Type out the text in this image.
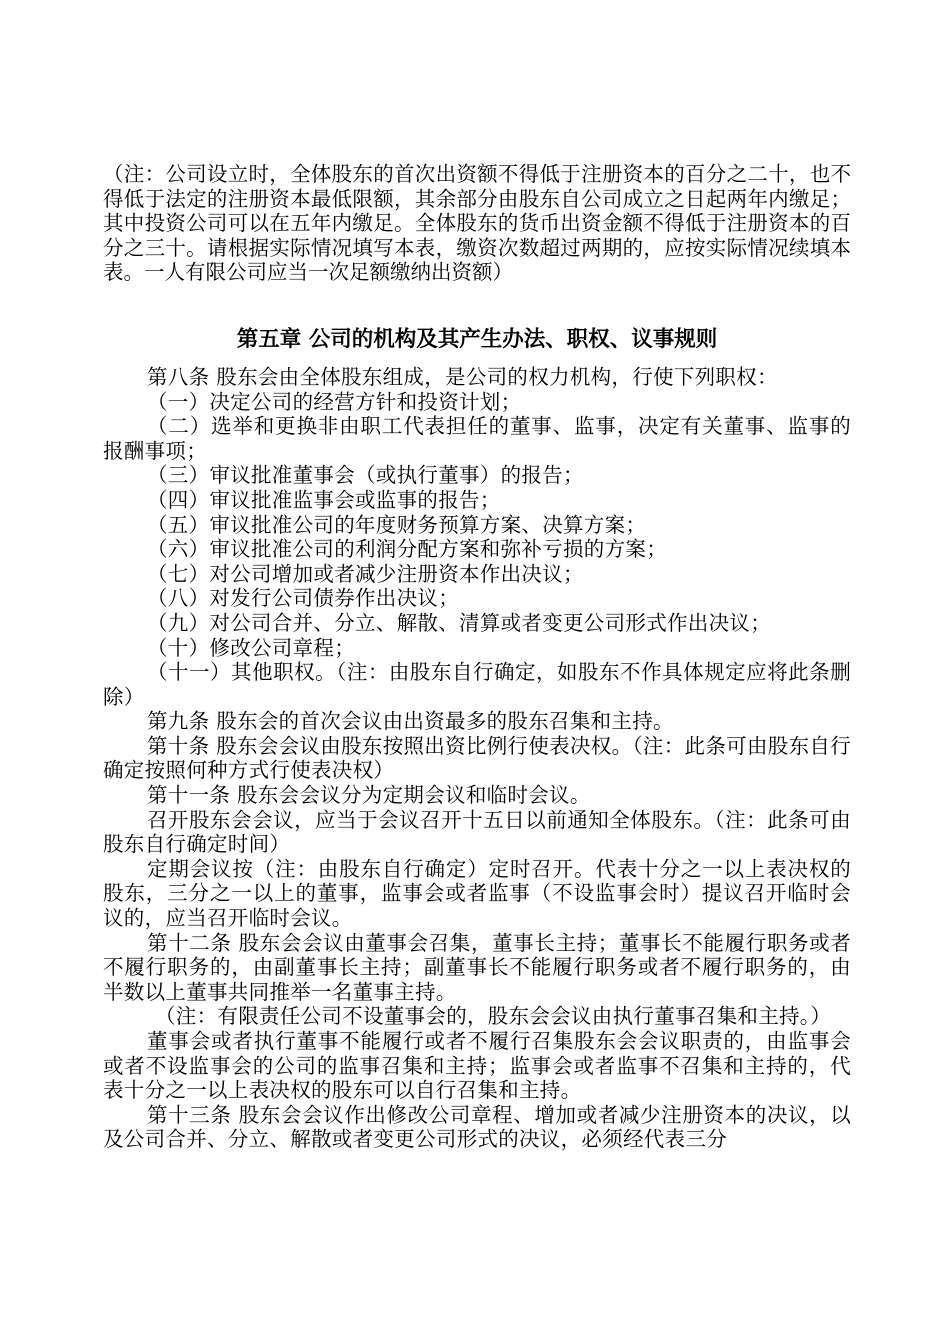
（注：公司设立时，全体股东的首次出资额不得低于注册资本的百分之二十，也不得低于法定的注册资本最低限额，其余部分由股东自公司成立之日起两年内缴足；其中投资公司可以在五年内缴足。全体股东的货币出资金额不得低于注册资本的百分之三十。请根据实际情况填写本表，缴资次数超过两期的，应按实际情况续填本表。一人有限公司应当一次足额缴纳出资额）

第五章 公司的机构及其产生办法、职权、议事规则

第八条 股东会由全体股东组成，是公司的权力机构，行使下列职权：

（一）决定公司的经营方针和投资计划；

（二）选举和更换非由职工代表担任的董事、监事，决定有关董事、监事的报酬事项；

（三）审议批准董事会（或执行董事）的报告；

（四）审议批准监事会或监事的报告；

（五）审议批准公司的年度财务预算方案、决算方案；

（六）审议批准公司的利润分配方案和弥补亏损的方案；

（七）对公司增加或者减少注册资本作出决议；

（八）对发行公司债券作出决议；

（九）对公司合并、分立、解散、清算或者变更公司形式作出决议；

（十）修改公司章程；

（十一）其他职权。（注：由股东自行确定，如股东不作具体规定应将此条删除）

第九条 股东会的首次会议由出资最多的股东召集和主持。

第十条 股东会会议由股东按照出资比例行使表决权。（注：此条可由股东自行确定按照何种方式行使表决权）

第十一条 股东会会议分为定期会议和临时会议。

召开股东会会议，应当于会议召开十五日以前通知全体股东。（注：此条可由股东自行确定时间）

定期会议按（注：由股东自行确定）定时召开。代表十分之一以上表决权的股东，三分之一以上的董事，监事会或者监事（不设监事会时）提议召开临时会议的，应当召开临时会议。

第十二条 股东会会议由董事会召集，董事长主持；董事长不能履行职务或者不履行职务的，由副董事长主持；副董事长不能履行职务或者不履行职务的，由半数以上董事共同推举一名董事主持。

（注：有限责任公司不设董事会的，股东会会议由执行董事召集和主持。）

董事会或者执行董事不能履行或者不履行召集股东会会议职责的，由监事会或者不设监事会的公司的监事召集和主持；监事会或者监事不召集和主持的，代表十分之一以上表决权的股东可以自行召集和主持。

第十三条 股东会会议作出修改公司章程、增加或者减少注册资本的决议，以及公司合并、分立、解散或者变更公司形式的决议，必须经代表三分
